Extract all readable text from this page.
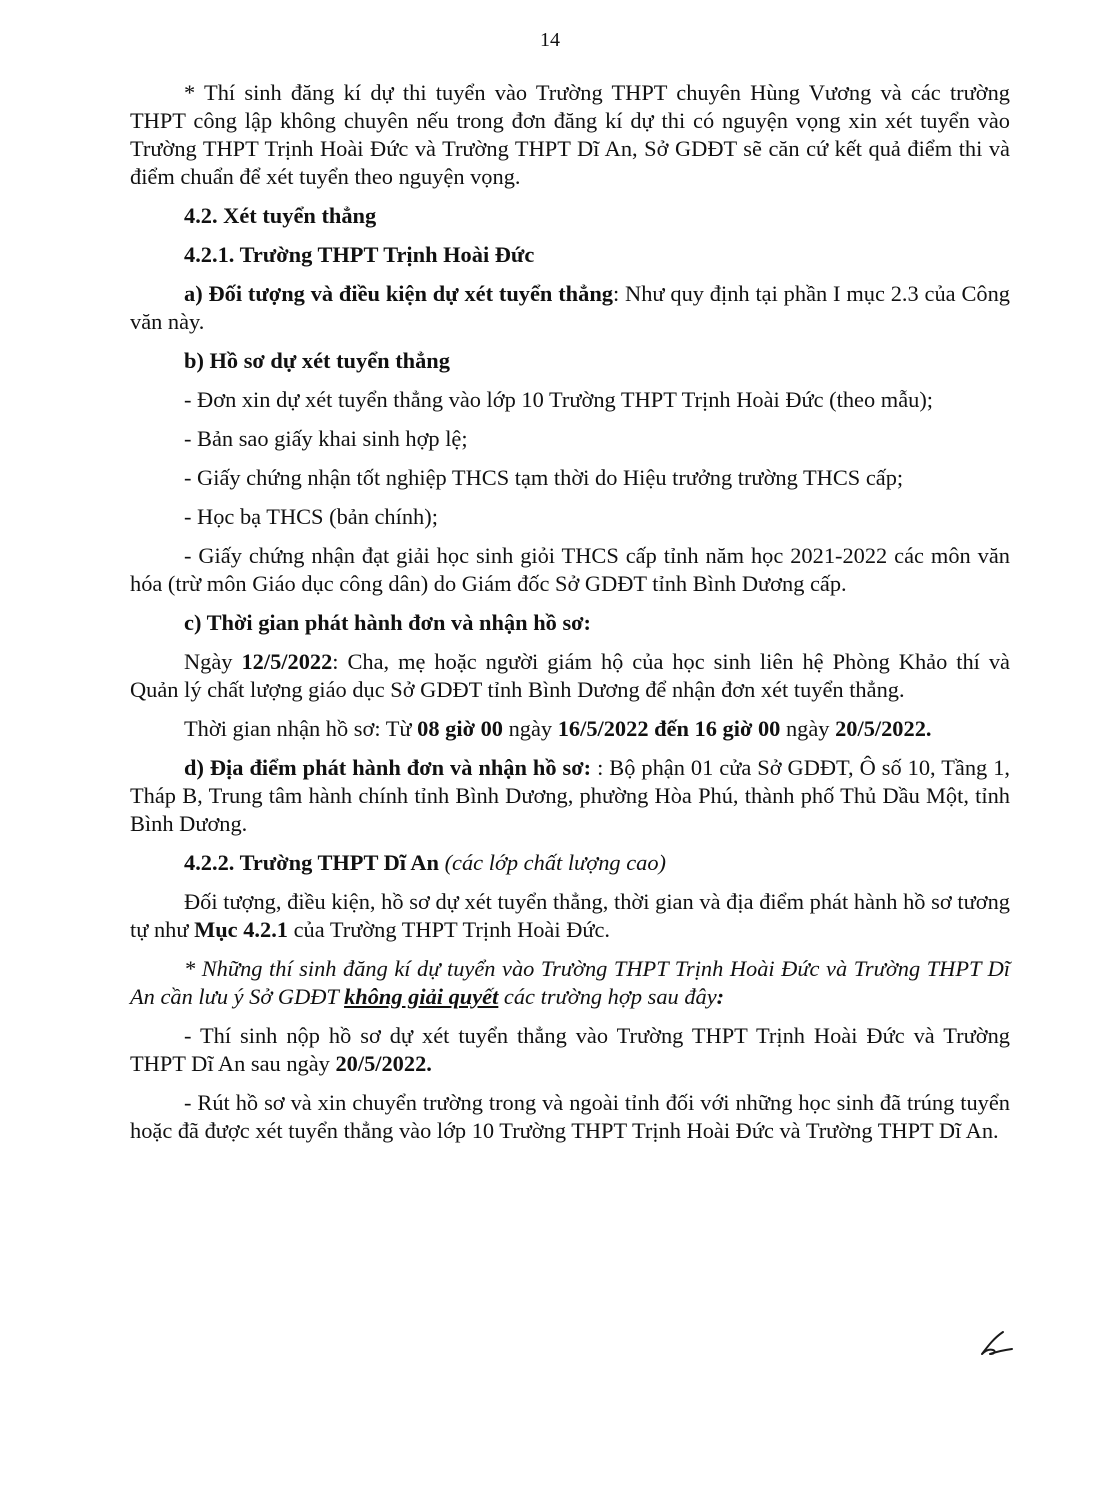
14

* Thí sinh đăng kí dự thi tuyển vào Trường THPT chuyên Hùng Vương và các trường THPT công lập không chuyên nếu trong đơn đăng kí dự thi có nguyện vọng xin xét tuyển vào Trường THPT Trịnh Hoài Đức và Trường THPT Dĩ An, Sở GDĐT sẽ căn cứ kết quả điểm thi và điểm chuẩn để xét tuyển theo nguyện vọng.

4.2. Xét tuyển thẳng

4.2.1. Trường THPT Trịnh Hoài Đức

a) Đối tượng và điều kiện dự xét tuyển thẳng: Như quy định tại phần I mục 2.3 của Công văn này.

b) Hồ sơ dự xét tuyển thẳng

- Đơn xin dự xét tuyển thẳng vào lớp 10 Trường THPT Trịnh Hoài Đức (theo mẫu);

- Bản sao giấy khai sinh hợp lệ;

- Giấy chứng nhận tốt nghiệp THCS tạm thời do Hiệu trưởng trường THCS cấp;

- Học bạ THCS (bản chính);

- Giấy chứng nhận đạt giải học sinh giỏi THCS cấp tỉnh năm học 2021-2022 các môn văn hóa (trừ môn Giáo dục công dân) do Giám đốc Sở GDĐT tỉnh Bình Dương cấp.

c) Thời gian phát hành đơn và nhận hồ sơ:

Ngày 12/5/2022: Cha, mẹ hoặc người giám hộ của học sinh liên hệ Phòng Khảo thí và Quản lý chất lượng giáo dục Sở GDĐT tỉnh Bình Dương để nhận đơn xét tuyển thẳng.

Thời gian nhận hồ sơ: Từ 08 giờ 00 ngày 16/5/2022 đến 16 giờ 00 ngày 20/5/2022.

d) Địa điểm phát hành đơn và nhận hồ sơ: : Bộ phận 01 cửa Sở GDĐT, Ô số 10, Tầng 1, Tháp B, Trung tâm hành chính tỉnh Bình Dương, phường Hòa Phú, thành phố Thủ Dầu Một, tỉnh Bình Dương.

4.2.2. Trường THPT Dĩ An (các lớp chất lượng cao)

Đối tượng, điều kiện, hồ sơ dự xét tuyển thẳng, thời gian và địa điểm phát hành hồ sơ tương tự như Mục 4.2.1 của Trường THPT Trịnh Hoài Đức.

* Những thí sinh đăng kí dự tuyển vào Trường THPT Trịnh Hoài Đức và Trường THPT Dĩ An cần lưu ý Sở GDĐT không giải quyết các trường hợp sau đây:

- Thí sinh nộp hồ sơ dự xét tuyển thẳng vào Trường THPT Trịnh Hoài Đức và Trường THPT Dĩ An sau ngày 20/5/2022.

- Rút hồ sơ và xin chuyển trường trong và ngoài tỉnh đối với những học sinh đã trúng tuyển hoặc đã được xét tuyển thẳng vào lớp 10 Trường THPT Trịnh Hoài Đức và Trường THPT Dĩ An.
